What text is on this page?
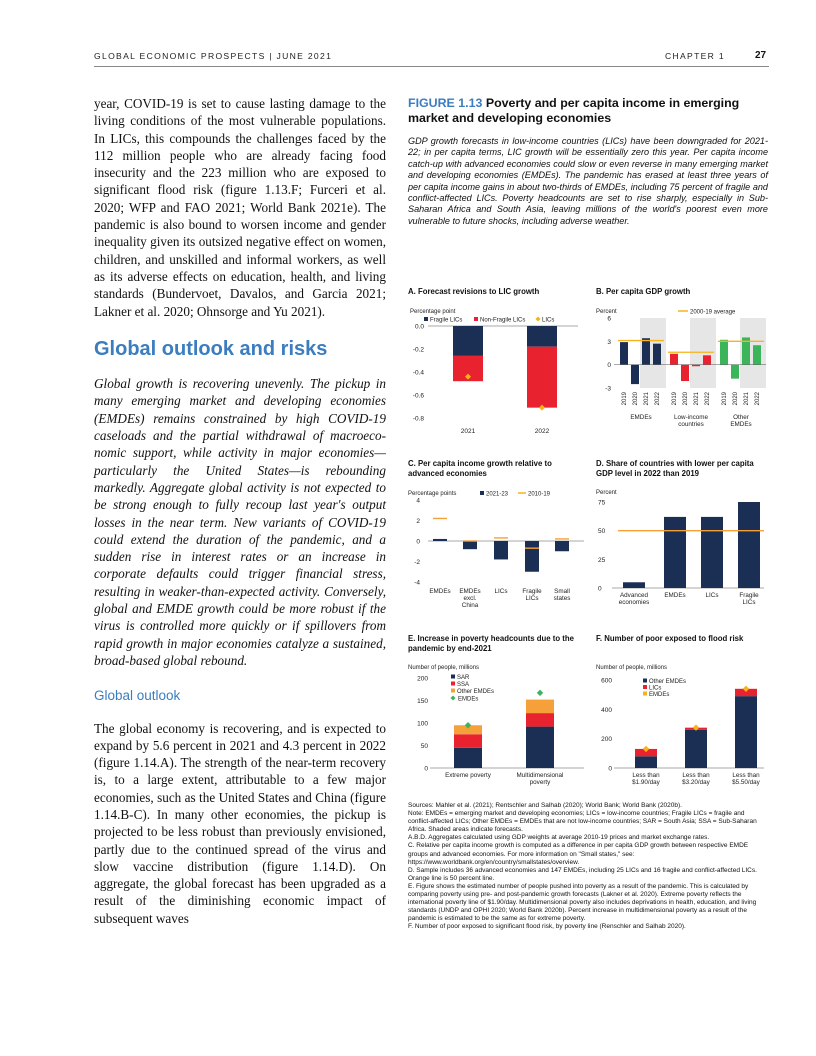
GLOBAL ECONOMIC PROSPECTS | JUNE 2021	CHAPTER 1	27

year, COVID-19 is set to cause lasting damage to the living conditions of the most vulnerable populations. In LICs, this compounds the challenges faced by the 112 million people who are already facing food insecurity and the 223 million who are exposed to significant flood risk (figure 1.13.F; Furceri et al. 2020; WFP and FAO 2021; World Bank 2021e). The pandemic is also bound to worsen income and gender inequality given its outsized negative effect on women, children, and unskilled and informal workers, as well as its adverse effects on education, health, and living standards (Bundervoet, Davalos, and Garcia 2021; Lakner et al. 2020; Ohnsorge and Yu 2021).

Global outlook and risks

Global growth is recovering unevenly. The pickup in many emerging market and developing economies (EMDEs) remains constrained by high COVID-19 caseloads and the partial withdrawal of macroeco-nomic support, while activity in major economies—particularly the United States—is rebounding markedly. Aggregate global activity is not expected to be strong enough to fully recoup last year's output losses in the near term. New variants of COVID-19 could extend the duration of the pandemic, and a sudden rise in interest rates or an increase in corporate defaults could trigger financial stress, resulting in weaker-than-expected activity. Conversely, global and EMDE growth could be more robust if the virus is controlled more quickly or if spillovers from rapid growth in major economies catalyze a sustained, broad-based global rebound.

Global outlook

The global economy is recovering, and is expected to expand by 5.6 percent in 2021 and 4.3 percent in 2022 (figure 1.14.A). The strength of the near-term recovery is, to a large extent, attributable to a few major economies, such as the United States and China (figure 1.14.B-C). In many other economies, the pickup is projected to be less robust than previously envisioned, partly due to the continued spread of the virus and slow vaccine distribution (figure 1.14.D). On aggregate, the global forecast has been upgraded as a result of the diminishing economic impact of subsequent waves

FIGURE 1.13 Poverty and per capita income in emerging market and developing economies
GDP growth forecasts in low-income countries (LICs) have been downgraded for 2021-22; in per capita terms, LIC growth will be essentially zero this year. Per capita income catch-up with advanced economies could slow or even reverse in many emerging market and developing economies (EMDEs). The pandemic has erased at least three years of per capita income gains in about two-thirds of EMDEs, including 75 percent of fragile and conflict-affected LICs. Poverty headcounts are set to rise sharply, especially in Sub-Saharan Africa and South Asia, leaving millions of the world's poorest even more vulnerable to future shocks, including adverse weather.
A. Forecast revisions to LIC growth	B. Per capita GDP growth
C. Per capita income growth relative to advanced economies
D. Share of countries with lower per capita GDP level in 2022 than 2019
E. Increase in poverty headcounts due to the pandemic by end-2021
F. Number of poor exposed to flood risk
Percentage point
Fragile LICs	Non-Fragile LICs	LICs
0.0
-0.2
-0.4
-0.6
-0.8
2021	2022
Percent	2000-19 average
6
3
0
-3
2019 2020 2021 2022
EMDEs
2019 2020 2021 2022
Low-income
countries
2019 2020 2021 2022
Other
EMDEs
Percentage points	2021-23	2010-19
4
2
0
-2
-4
EMDEs EMDEs
excl.
China
LICs Fragile
LICs
Small
states
Percent
75
50
25
0
Advanced
economies
EMDEs	LICs	Fragile
LICs
Number of people, millions
200
150
100
50
0
SAR
SSA
Other EMDEs
EMDEs
Extreme poverty	Multidimensional
poverty
Number of people, millions
600
400
200
0
Other EMDEs
LICs
EMDEs
Less than
$1.90/day
Less than
$3.20/day
Less than
$5.50/day

Sources: Mahler et al. (2021); Rentschler and Salhab (2020); World Bank; World Bank (2020b).

Note: EMDEs = emerging market and developing economies; LICs = low-income countries; Fragile LICs = fragile and conflict-affected LICs; Other EMDEs = EMDEs that are not low-income countries; SAR = South Asia; SSA = Sub-Saharan Africa. Shaded areas indicate forecasts.

A.B.D. Aggregates calculated using GDP weights at average 2010-19 prices and market exchange rates.

C. Relative per capita income growth is computed as a difference in per capita GDP growth between respective EMDE groups and advanced economies. For more information on "Small states," see: https://www.worldbank.org/en/country/smallstates/overview.

D. Sample includes 36 advanced economies and 147 EMDEs, including 25 LICs and 16 fragile and conflict-affected LICs. Orange line is 50 percent line.

E. Figure shows the estimated number of people pushed into poverty as a result of the pandemic. This is calculated by comparing poverty using pre- and post-pandemic growth forecasts (Lakner et al. 2020). Extreme poverty reflects the international poverty line of $1.90/day. Multidimensional poverty also includes deprivations in health, education, and living standards (UNDP and OPHI 2020; World Bank 2020b). Percent increase in multidimensional poverty as a result of the pandemic is estimated to be the same as for extreme poverty.

F. Number of poor exposed to significant flood risk, by poverty line (Renschler and Salhab 2020).
